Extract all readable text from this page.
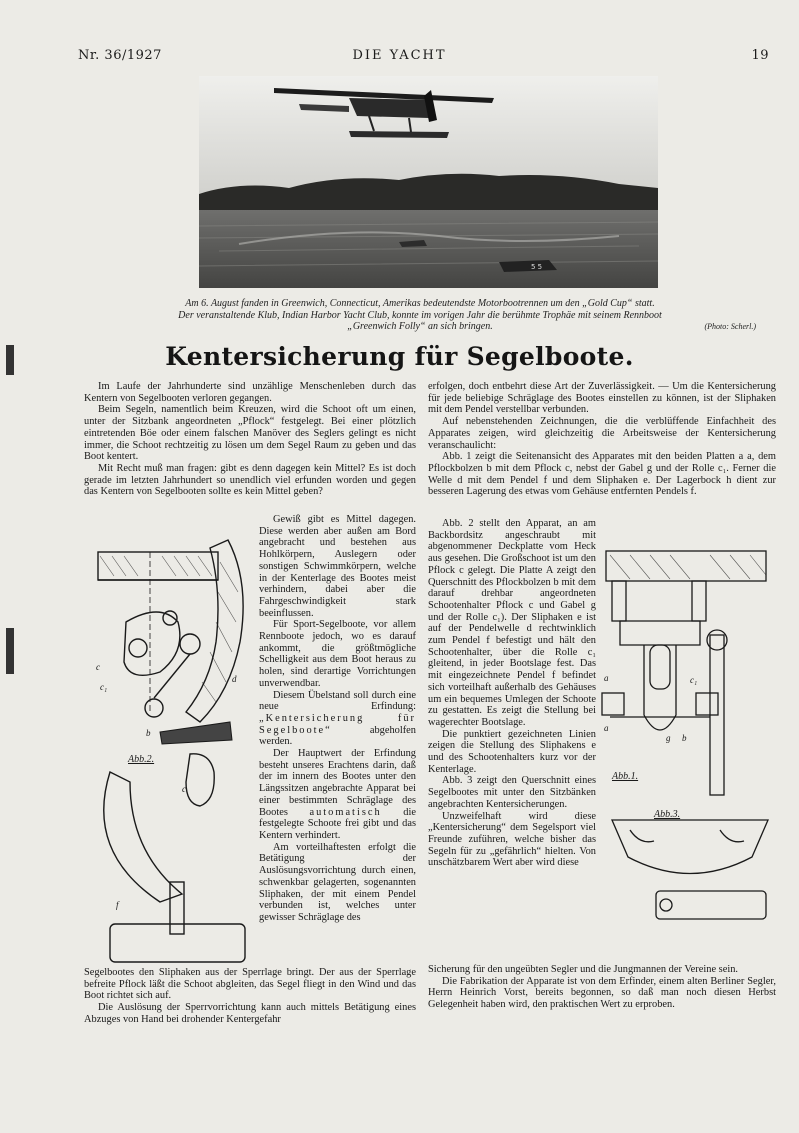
Nr. 36/1927	DIE YACHT	19
5 5
Am 6. August fanden in Greenwich, Connecticut, Amerikas bedeutendste Motorbootrennen um den „Gold Cup“ statt.
Der veranstaltende Klub, Indian Harbor Yacht Club, konnte im vorigen Jahr die berühmte Trophäe mit seinem Rennboot
„Greenwich Folly“ an sich bringen.	(Photo: Scherl.)
Kentersicherung für Segelboote.

Im Laufe der Jahrhunderte sind unzählige Menschenleben durch das Kentern von Segelbooten verloren gegangen.

Beim Segeln, namentlich beim Kreuzen, wird die Schoot oft um einen, unter der Sitzbank angeordneten „Pflock“ festgelegt. Bei einer plötzlich eintretenden Böe oder einem falschen Manöver des Seglers gelingt es nicht immer, die Schoot rechtzeitig zu lösen um dem Segel Raum zu geben und das Boot kentert.

Mit Recht muß man fragen: gibt es denn dagegen kein Mittel? Es ist doch gerade im letzten Jahrhundert so unendlich viel erfunden worden und gegen das Kentern von Segelbooten sollte es kein Mittel geben?

c
c₁
d
b
c
f
Abb.2.

Gewiß gibt es Mittel dagegen. Diese werden aber außen am Bord angebracht und bestehen aus Hohlkörpern, Auslegern oder sonstigen Schwimmkörpern, welche in der Kenterlage des Bootes meist verhindern, dabei aber die Fahrgeschwindigkeit stark beeinflussen.

Für Sport-Segelboote, vor allem Rennboote jedoch, wo es darauf ankommt, die größtmögliche Schelligkeit aus dem Boot heraus zu holen, sind derartige Vorrichtungen unverwendbar.

Diesem Übelstand soll durch eine neue Erfindung: „Kentersicherung für Segelboote“	abgeholfen werden.

Der Hauptwert der Erfindung besteht unseres Erachtens darin, daß der im innern des Bootes unter den Längssitzen angebrachte Apparat bei einer bestimmten Schräglage des Bootes automatisch die festgelegte Schoote frei gibt und das Kentern verhindert.

Am vorteilhaftesten erfolgt die Betätigung der Auslösungsvorrichtung durch einen, schwenkbar gelagerten, sogenannten Sliphaken, der mit einem Pendel verbunden ist, welches unter gewisser Schräglage des

Segelbootes den Sliphaken aus der Sperrlage bringt. Der aus der Sperrlage befreite Pflock läßt die Schoot abgleiten, das Segel fliegt in den Wind und das Boot richtet sich auf.

Die Auslösung der Sperrvorrichtung kann auch mittels Betätigung eines Abzuges von Hand bei drohender Kentergefahr

erfolgen, doch entbehrt diese Art der Zuverlässigkeit. — Um die Kentersicherung für jede beliebige Schräglage des Bootes einstellen zu können, ist der Sliphaken mit dem Pendel verstellbar verbunden.

Auf nebenstehenden Zeichnungen, die die verblüffende Einfachheit des Apparates zeigen, wird gleichzeitig die Arbeitsweise der Kentersicherung veranschaulicht:

Abb. 1 zeigt die Seitenansicht des Apparates mit den beiden Platten a a, dem Pflockbolzen b mit dem Pflock c, nebst der Gabel g und der Rolle c₁. Ferner die Welle d mit dem Pendel f und dem Sliphaken e. Der Lagerbock h dient zur besseren Lagerung des etwas vom Gehäuse entfernten Pendels f.

Abb. 2 stellt den Apparat, an am Backbordsitz angeschraubt mit abgenommener Deckplatte vom Heck aus gesehen. Die Großschoot ist um den Pflock c gelegt. Die Platte A zeigt den Querschnitt des Pflockbolzen b mit dem darauf drehbar angeordneten Schootenhalter Pflock c und Gabel g und der Rolle c₁). Der Sliphaken e ist auf der Pendelwelle d rechtwinklich zum Pendel f befestigt und hält den Schootenhalter, über die Rolle c₁ gleitend, in jeder Bootslage fest. Das mit eingezeichnete Pendel f befindet sich vorteilhaft außerhalb des Gehäuses um ein bequemes Umlegen der Schoote zu gestatten. Es zeigt die Stellung bei wagerechter Bootslage.

Die punktiert gezeichneten Linien zeigen die Stellung des Sliphakens e und des Schootenhalters kurz vor der Kenterlage.

Abb. 3 zeigt den Querschnitt eines Segelbootes mit unter den Sitzbänken angebrachten Kentersicherungen.

Unzweifelhaft wird diese „Kentersicherung“ dem Segelsport viel Freunde zuführen, welche bisher das Segeln für zu „gefährlich“ hielten. Von unschätzbarem Wert aber wird diese

a
a
b
c₁
g
Abb.1.
Abb.3.

Sicherung für den ungeübten Segler und die Jungmannen der Vereine sein.

Die Fabrikation der Apparate ist von dem Erfinder, einem alten Berliner Segler, Herrn Heinrich Vorst, bereits begonnen, so daß man noch diesen Herbst Gelegenheit haben wird, den praktischen Wert zu erproben.
